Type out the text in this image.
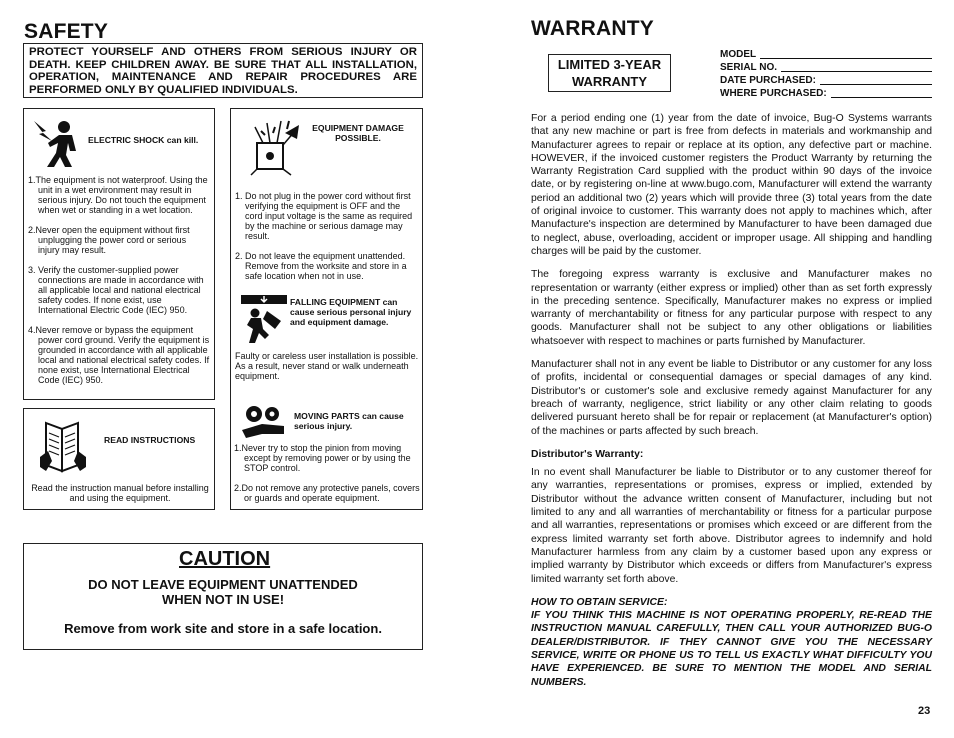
SAFETY
PROTECT YOURSELF AND OTHERS FROM SERIOUS INJURY OR DEATH. KEEP CHILDREN AWAY. BE SURE THAT ALL INSTALLATION, OPERATION, MAINTENANCE AND REPAIR PROCEDURES ARE PERFORMED ONLY BY QUALIFIED INDIVIDUALS.
ELECTRIC SHOCK can kill.

1.The equipment is not waterproof. Using the unit in a wet environment may result in serious injury. Do not touch the equipment when wet or standing in a wet location.

2.Never open the equipment without first unplugging the power cord or serious injury may result.

3. Verify the customer-supplied power connections are made in accordance with all applicable local and national electrical safety codes. If none exist, use International Electric Code (IEC) 950.

4.Never remove or bypass the equipment power cord ground. Verify the equipment is grounded in accordance with all applicable local and national electrical safety codes. If none exist, use International Electrical Code (IEC) 950.

EQUIPMENT DAMAGE POSSIBLE.

1. Do not plug in the power cord without first verifying the equipment is OFF and the cord input voltage is the same as required by the machine or serious damage may result.

2. Do not leave the equipment unattended. Remove from the worksite and store in a safe location when not in use.

FALLING EQUIPMENT can cause serious personal injury and equipment damage.
Faulty or careless user installation is possible. As a result, never stand or walk underneath equipment.
READ INSTRUCTIONS
Read the instruction manual before installing and using the equipment.
MOVING PARTS can cause serious injury.

1.Never try to stop the pinion from moving except by removing power or by using the STOP control.

2.Do not remove any protective panels, covers or guards and operate equipment.

CAUTION
DO NOT LEAVE EQUIPMENT UNATTENDED
WHEN NOT IN USE!
Remove from work site and store in a safe location.
WARRANTY
LIMITED 3-YEAR
WARRANTY
MODEL
SERIAL NO.
DATE PURCHASED:
WHERE PURCHASED:

For a period ending one (1) year from the date of invoice, Bug-O Systems warrants that any new machine or part is free from defects in materials and workmanship and Manufacturer agrees to repair or replace at its option, any defective part or machine. HOWEVER, if the invoiced customer registers the Product Warranty by returning the Warranty Registration Card supplied with the product within 90 days of the invoice date, or by registering on-line at www.bugo.com, Manufacturer will extend the warranty period an additional two (2) years which will provide three (3) total years from the date of original invoice to customer. This warranty does not apply to machines which, after Manufacture's inspection are determined by Manufacturer to have been damaged due to neglect, abuse, overloading, accident or improper usage. All shipping and handling charges will be paid by the customer.

The foregoing express warranty is exclusive and Manufacturer makes no representation or warranty (either express or implied) other than as set forth expressly in the preceding sentence. Specifically, Manufacturer makes no express or implied warranty of merchantability or fitness for any particular purpose with respect to any goods. Manufacturer shall not be subject to any other obligations or liabilities whatsoever with respect to machines or parts furnished by Manufacturer.

Manufacturer shall not in any event be liable to Distributor or any customer for any loss of profits, incidental or consequential damages or special damages of any kind. Distributor's or customer's sole and exclusive remedy against Manufacturer for any breach of warranty, negligence, strict liability or any other claim relating to goods delivered pursuant hereto shall be for repair or replacement (at Manufacturer's option) of the machines or parts affected by such breach.

Distributor's Warranty:

In no event shall Manufacturer be liable to Distributor or to any customer thereof for any warranties, representations or promises, express or implied, extended by Distributor without the advance written consent of Manufacturer, including but not limited to any and all warranties of merchantability or fitness for a particular purpose and all warranties, representations or promises which exceed or are different from the express limited warranty set forth above. Distributor agrees to indemnify and hold Manufacturer harmless from any claim by a customer based upon any express or implied warranty by Distributor which exceeds or differs from Manufacturer's express limited warranty set forth above.

HOW TO OBTAIN SERVICE:

IF YOU THINK THIS MACHINE IS NOT OPERATING PROPERLY, RE-READ THE INSTRUCTION MANUAL CAREFULLY, THEN CALL YOUR AUTHORIZED BUG-O DEALER/DISTRIBUTOR. IF THEY CANNOT GIVE YOU THE NECESSARY SERVICE, WRITE OR PHONE US TO TELL US EXACTLY WHAT DIFFICULTY YOU HAVE EXPERIENCED. BE SURE TO MENTION THE MODEL AND SERIAL NUMBERS.

23
